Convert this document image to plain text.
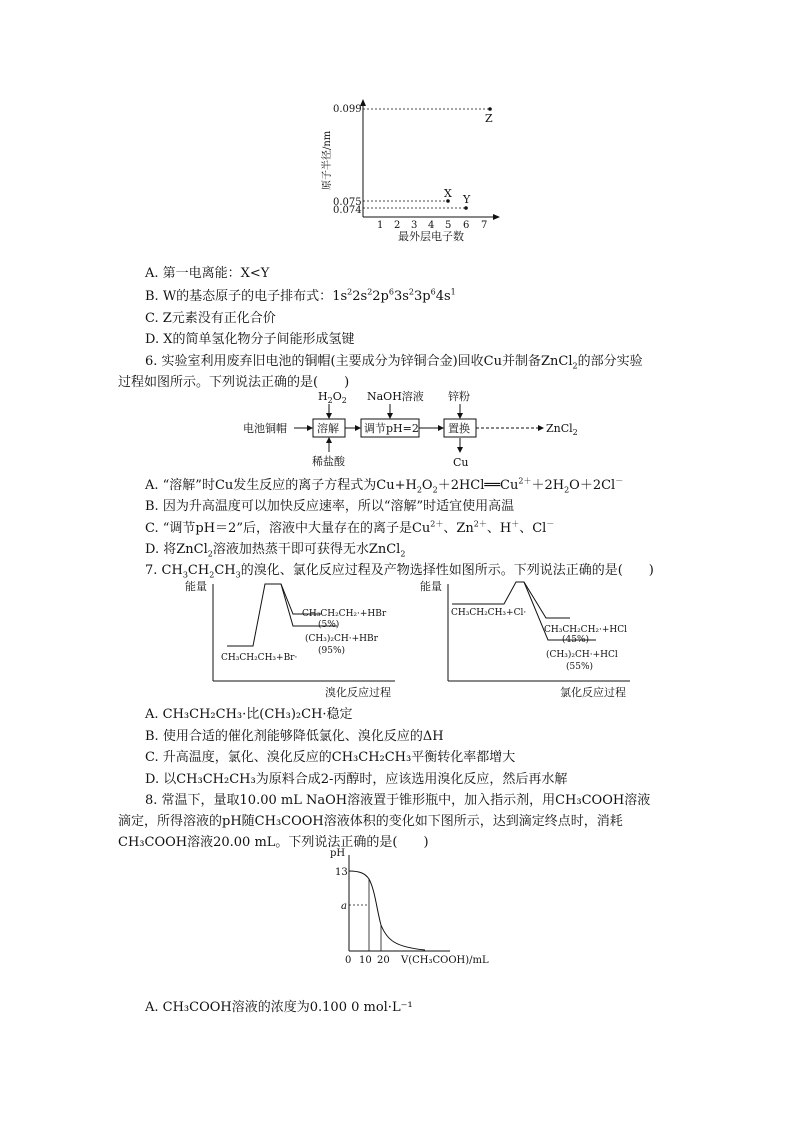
0.099
0.075
0.074
Z
X Y
1 2 3 4 5 6 7
最外层电子数
原子半径/nm
A. 第一电离能：X<Y
B. W的基态原子的电子排布式：$1s^22s^22p^63s^23p^64s^1$
C. Z元素没有正化合价
D. X的简单氢化物分子间能形成氢键
6. 实验室利用废弃旧电池的铜帽(主要成分为锌铜合金)回收Cu并制备ZnCl$_2$的部分实验
过程如图所示。下列说法正确的是(　　)
电池铜帽	溶解 调节pH=2	置换	ZnCl$_2$
$H_2O_2$ NaOH溶液 锌粉
稀盐酸	Cu
A. “溶解”时Cu发生反应的离子方程式为$Cu+H_2O_2+2HCl══Cu^{2+}+2H_2O+2Cl^-$
B. 因为升高温度可以加快反应速率，所以“溶解”时适宜使用高温
C. “调节pH＝2”后，溶液中大量存在的离子是$Cu^{2+}$、$Zn^{2+}$、H＋、Cl－
D. 将ZnCl$_2$溶液加热蒸干即可获得无水ZnCl$_2$
7. $CH_3CH_2CH_3$的溴化、氯化反应过程及产物选择性如图所示。下列说法正确的是(　　)
能量
CH₃CH₂CH₃+Br·
CH₃CH₂CH₂·+HBr
(5%)
(CH₃)₂CH·+HBr
(95%)
溴化反应过程
能量
CH₃CH₂CH₃+Cl·
CH₃CH₂CH₂·+HCl
(45%)
(CH₃)₂CH·+HCl
(55%)
氯化反应过程
A. CH₃CH₂CH₃·比(CH₃)₂CH·稳定
B. 使用合适的催化剂能够降低氯化、溴化反应的ΔH
C. 升高温度，氯化、溴化反应的CH₃CH₂CH₃平衡转化率都增大
D. 以CH₃CH₂CH₃为原料合成2-丙醇时，应该选用溴化反应，然后再水解
8. 常温下，量取10.00 mL NaOH溶液置于锥形瓶中，加入指示剂，用CH₃COOH溶液
滴定，所得溶液的pH随CH₃COOH溶液体积的变化如下图所示，达到滴定终点时，消耗
CH₃COOH溶液20.00 mL。下列说法正确的是(　　)
pH
13
a
0 10 20 V(CH₃COOH)/mL
A. CH₃COOH溶液的浓度为0.100 0 mol·L⁻¹
